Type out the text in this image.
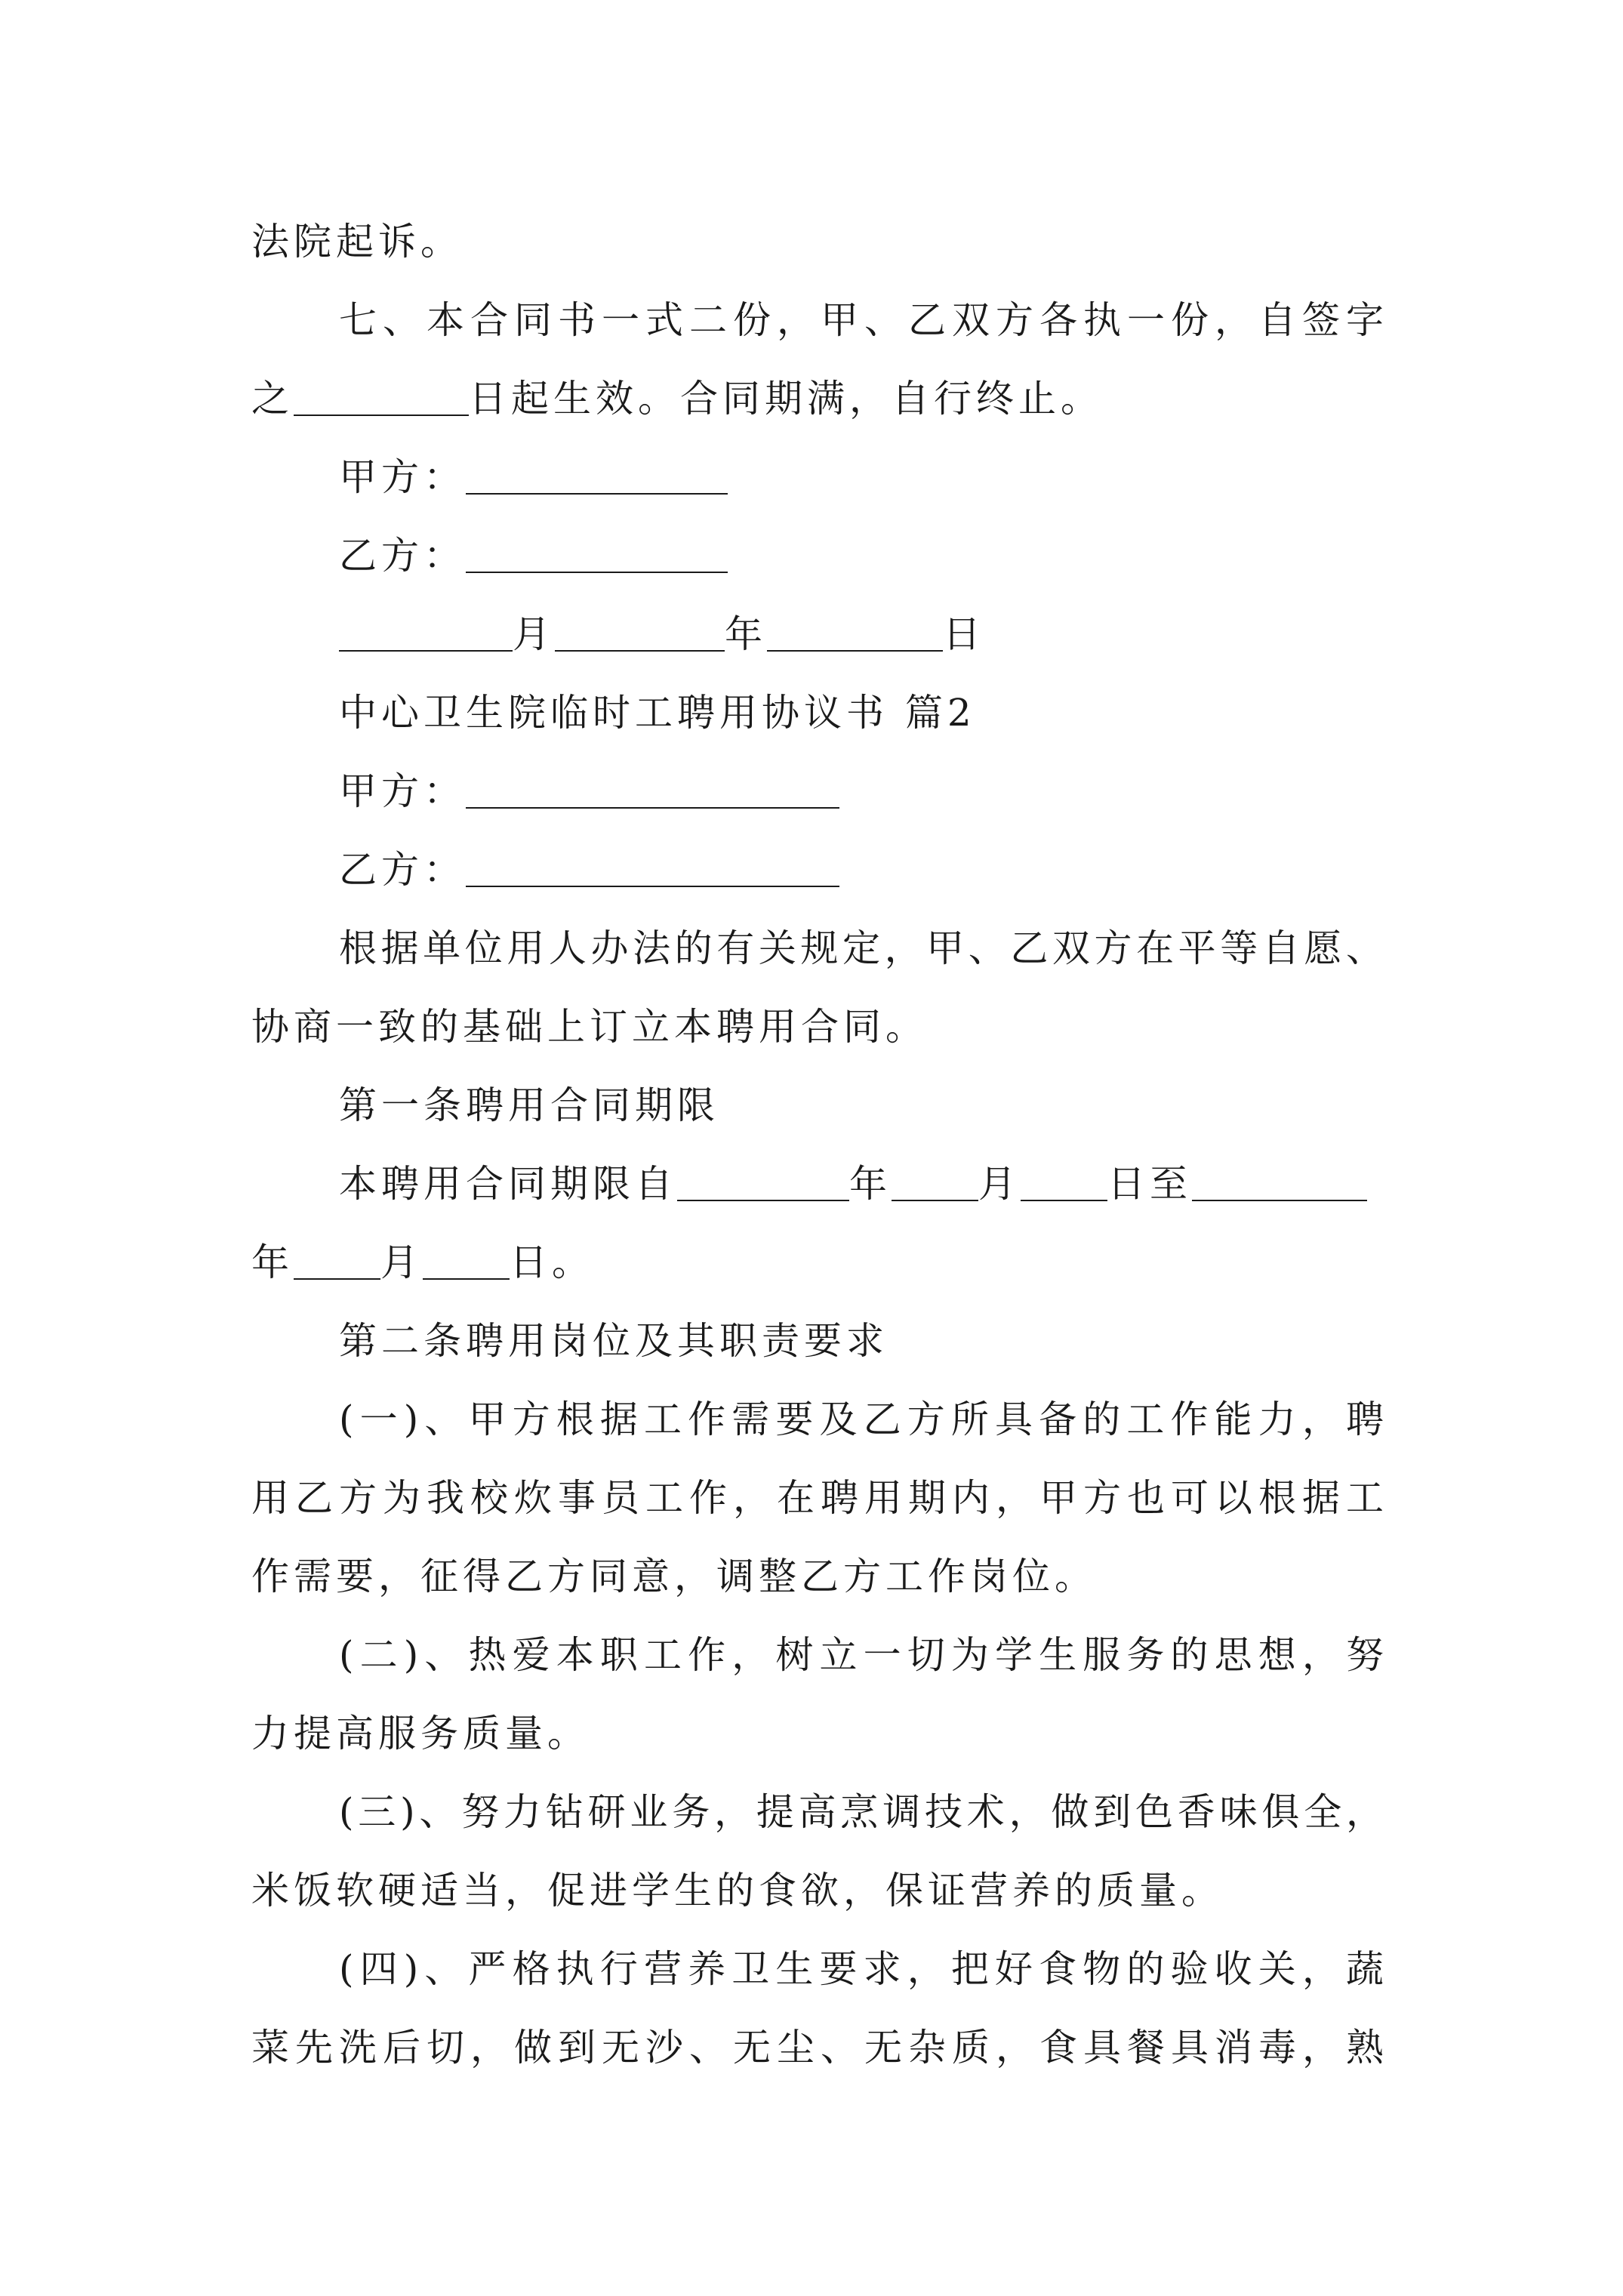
法院起诉。
七、本合同书一式二份，甲、乙双方各执一份，自签字
之	日起生效。合同期满，自行终止。
甲方：
乙方：
月	年	日
中心卫生院临时工聘用协议书 篇2
甲方：
乙方：
根据单位用人办法的有关规定，甲、乙双方在平等自愿、
协商一致的基础上订立本聘用合同。
第一条聘用合同期限
本聘用合同期限自	年 月 日至
年 月 日。
第二条聘用岗位及其职责要求
(一)、甲方根据工作需要及乙方所具备的工作能力，聘
用乙方为我校炊事员工作，在聘用期内，甲方也可以根据工
作需要，征得乙方同意，调整乙方工作岗位。
(二)、热爱本职工作，树立一切为学生服务的思想，努
力提高服务质量。
(三)、努力钻研业务，提高烹调技术，做到色香味俱全，
米饭软硬适当，促进学生的食欲，保证营养的质量。
(四)、严格执行营养卫生要求，把好食物的验收关，蔬
菜先洗后切，做到无沙、无尘、无杂质，食具餐具消毒，熟
